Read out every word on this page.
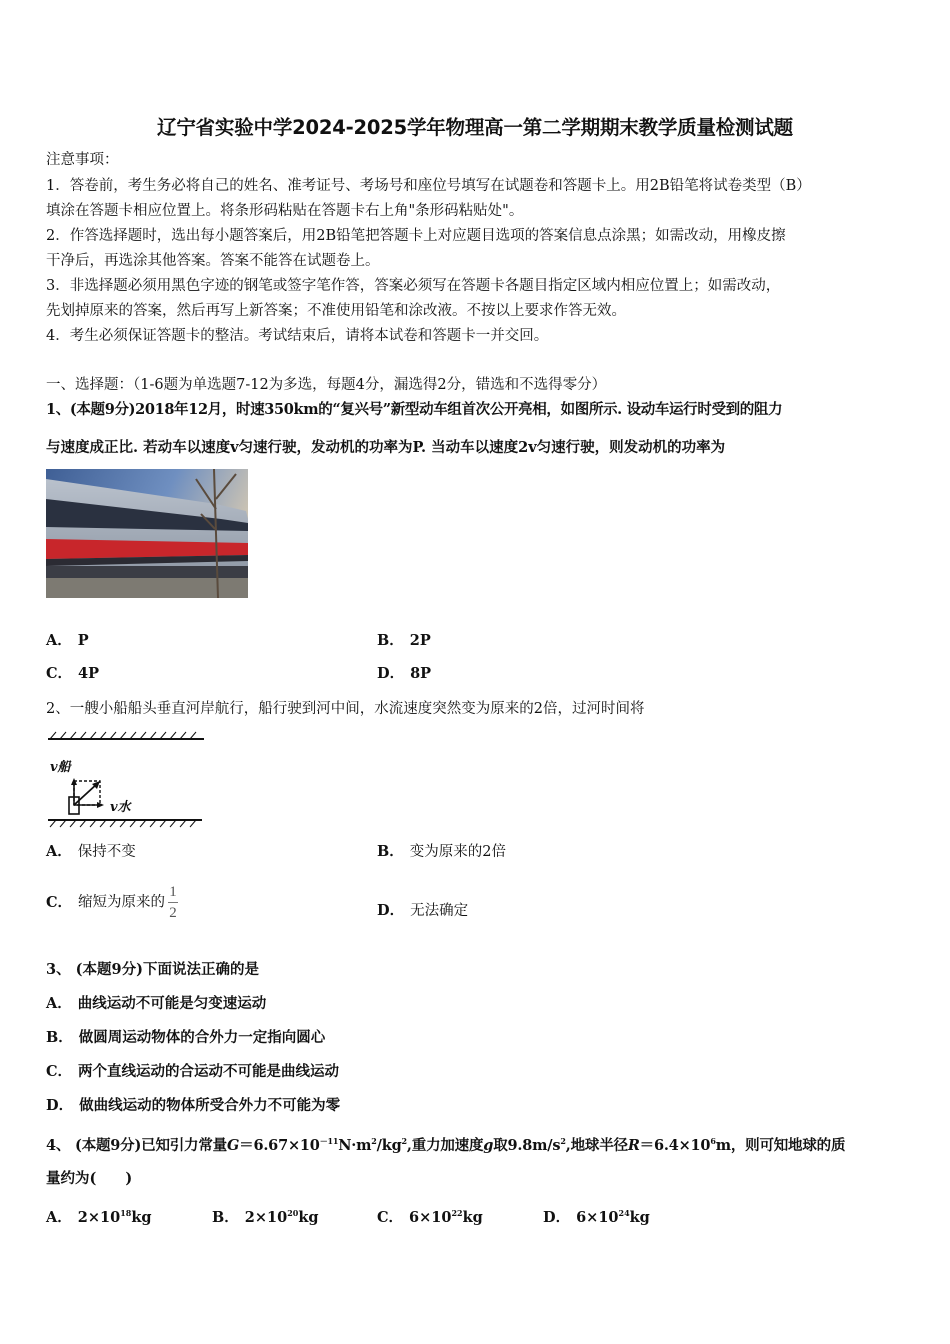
辽宁省实验中学2024-2025学年物理高一第二学期期末教学质量检测试题
注意事项：
1．答卷前，考生务必将自己的姓名、准考证号、考场号和座位号填写在试题卷和答题卡上。用2B铅笔将试卷类型（B）
填涂在答题卡相应位置上。将条形码粘贴在答题卡右上角"条形码粘贴处"。
2．作答选择题时，选出每小题答案后，用2B铅笔把答题卡上对应题目选项的答案信息点涂黑；如需改动，用橡皮擦
干净后，再选涂其他答案。答案不能答在试题卷上。
3．非选择题必须用黑色字迹的钢笔或签字笔作答，答案必须写在答题卡各题目指定区域内相应位置上；如需改动，
先划掉原来的答案，然后再写上新答案；不准使用铅笔和涂改液。不按以上要求作答无效。
4．考生必须保证答题卡的整洁。考试结束后，请将本试卷和答题卡一并交回。
一、选择题：（1-6题为单选题7-12为多选，每题4分，漏选得2分，错选和不选得零分）
1、(本题9分)2018年12月，时速350km的“复兴号”新型动车组首次公开亮相，如图所示. 设动车运行时受到的阻力
与速度成正比. 若动车以速度v匀速行驶，发动机的功率为P. 当动车以速度2v匀速行驶，则发动机的功率为
A． P	B． 2P
C． 4P	D． 8P
2、一艘小船船头垂直河岸航行，船行驶到河中间，水流速度突然变为原来的2倍，过河时间将
v船
v水
A． 保持不变	B． 变为原来的2倍
C． 缩短为原来的 $\frac{1}{2}$	D． 无法确定
3、 (本题9分)下面说法正确的是
A． 曲线运动不可能是匀变速运动
B． 做圆周运动物体的合外力一定指向圆心
C． 两个直线运动的合运动不可能是曲线运动
D． 做曲线运动的物体所受合外力不可能为零
4、 (本题9分)已知引力常量$G=6.67\times 10^{-11}N\cdot m^2/kg^2$,重力加速度g取$9.8m/s^2$,地球半径$R=6.4\times 10^6m$，则可知地球的质
量约为(　　)
A． $2\times 10^{18}kg$	B． $2\times 10^{20}kg$	C． $6\times 10^{22}kg$	D． $6\times 10^{24}kg$
